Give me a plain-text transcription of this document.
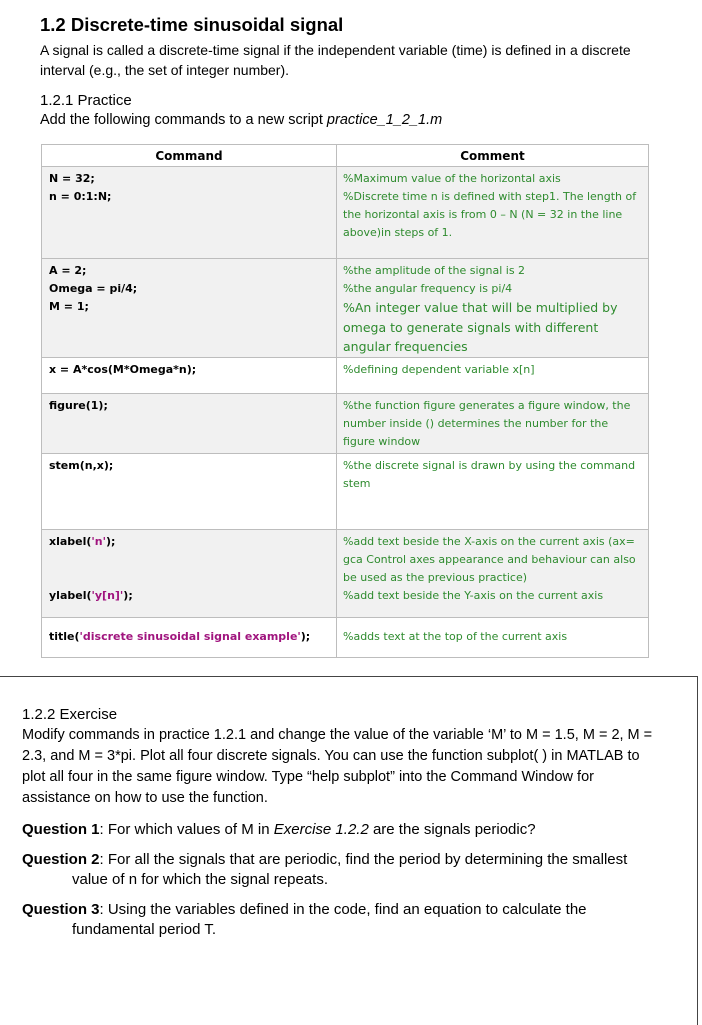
1.2 Discrete-time sinusoidal signal

A signal is called a discrete-time signal if the independent variable (time) is defined in a discrete interval (e.g., the set of integer number).

1.2.1 Practice

Add the following commands to a new script practice_1_2_1.m

Command	Comment

N = 32;
n = 0:1:N;	%Maximum value of the horizontal axis
%Discrete time n is defined with step1. The length of the horizontal axis is from 0 – N (N = 32 in the line above)in steps of 1.

A = 2;
Omega = pi/4;
M = 1;	%the amplitude of the signal is 2
%the angular frequency is pi/4
%An integer value that will be multiplied by omega to generate signals with different angular frequencies

x = A*cos(M*Omega*n);	%defining dependent variable x[n]

figure(1);	%the function figure generates a figure window, the number inside () determines the number for the figure window

stem(n,x);	%the discrete signal is drawn by using the command stem

xlabel('n');
ylabel('y[n]');	%add text beside the X-axis on the current axis (ax= gca Control axes appearance and behaviour can also be used as the previous practice)
%add text beside the Y-axis on the current axis

title('discrete sinusoidal signal example');	%adds text at the top of the current axis

1.2.2 Exercise

Modify commands in practice 1.2.1 and change the value of the variable ‘M’ to M = 1.5, M = 2, M = 2.3, and M = 3*pi. Plot all four discrete signals. You can use the function subplot( ) in MATLAB to plot all four in the same figure window. Type “help subplot” into the Command Window for assistance on how to use the function.

Question 1: For which values of M in Exercise 1.2.2 are the signals periodic?

Question 2: For all the signals that are periodic, find the period by determining the smallest value of n for which the signal repeats.

Question 3: Using the variables defined in the code, find an equation to calculate the fundamental period T.
